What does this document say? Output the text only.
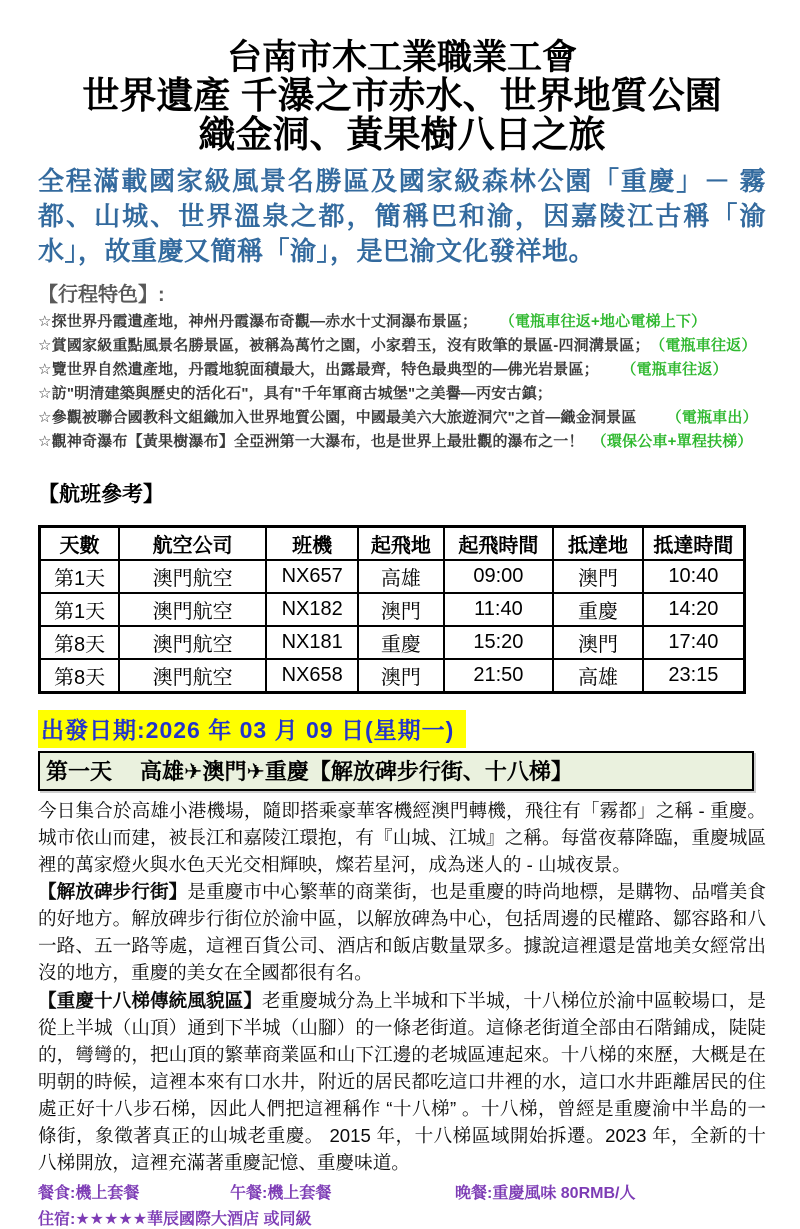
台南市木工業職業工會
世界遺產 千瀑之市赤水、世界地質公園
織金洞、黃果樹八日之旅

全程滿載國家級風景名勝區及國家級森林公園「重慶」－ 霧都、山城、世界溫泉之都，簡稱巴和渝，因嘉陵江古稱「渝水」，故重慶又簡稱「渝」，是巴渝文化發祥地。

【行程特色】:
☆探世界丹霞遺產地，神州丹霞瀑布奇觀—赤水十丈洞瀑布景區； （電瓶車往返+地心電梯上下）
☆賞國家級重點風景名勝景區，被稱為萬竹之園，小家碧玉，沒有敗筆的景區-四洞溝景區； （電瓶車往返）
☆覽世界自然遺產地，丹霞地貌面積最大，出露最齊，特色最典型的—佛光岩景區； （電瓶車往返）
☆訪"明清建築與歷史的活化石"，具有"千年軍商古城堡"之美譽—丙安古鎮；
☆參觀被聯合國教科文組織加入世界地質公園，中國最美六大旅遊洞穴"之首—織金洞景區 （電瓶車出）
☆觀神奇瀑布【黃果樹瀑布】全亞洲第一大瀑布，也是世界上最壯觀的瀑布之一！ （環保公車+單程扶梯）
【航班參考】
天數	航空公司	班機	起飛地	起飛時間	抵達地	抵達時間
第1天	澳門航空	NX657	高雄	09:00	澳門	10:40
第1天	澳門航空	NX182	澳門	11:40	重慶	14:20
第8天	澳門航空	NX181	重慶	15:20	澳門	17:40
第8天	澳門航空	NX658	澳門	21:50	高雄	23:15
出發日期:2026 年 03 月 09 日(星期一)
第一天 高雄✈澳門✈重慶【解放碑步行街、十八梯】

今日集合於高雄小港機場，隨即搭乘豪華客機經澳門轉機，飛往有「霧都」之稱 - 重慶。城市依山而建，被長江和嘉陵江環抱，有『山城、江城』之稱。每當夜幕降臨，重慶城區裡的萬家燈火與水色天光交相輝映，燦若星河，成為迷人的 - 山城夜景。

【解放碑步行街】是重慶市中心繁華的商業街，也是重慶的時尚地標，是購物、品嚐美食的好地方。解放碑步行街位於渝中區，以解放碑為中心，包括周邊的民權路、鄒容路和八一路、五一路等處，這裡百貨公司、酒店和飯店數量眾多。據說這裡還是當地美女經常出沒的地方，重慶的美女在全國都很有名。

【重慶十八梯傳統風貌區】老重慶城分為上半城和下半城，十八梯位於渝中區較場口，是從上半城（山頂）通到下半城（山腳）的一條老街道。這條老街道全部由石階鋪成，陡陡的，彎彎的，把山頂的繁華商業區和山下江邊的老城區連起來。十八梯的來歷，大概是在明朝的時候，這裡本來有口水井，附近的居民都吃這口井裡的水，這口水井距離居民的住處正好十八步石梯，因此人們把這裡稱作 “十八梯” 。十八梯，曾經是重慶渝中半島的一條街，象徵著真正的山城老重慶。 2015 年，十八梯區域開始拆遷。2023 年，全新的十八梯開放，這裡充滿著重慶記憶、重慶味道。

餐食:機上套餐	午餐:機上套餐	晚餐:重慶風味 80RMB/人
住宿:★★★★★華辰國際大酒店 或同級
